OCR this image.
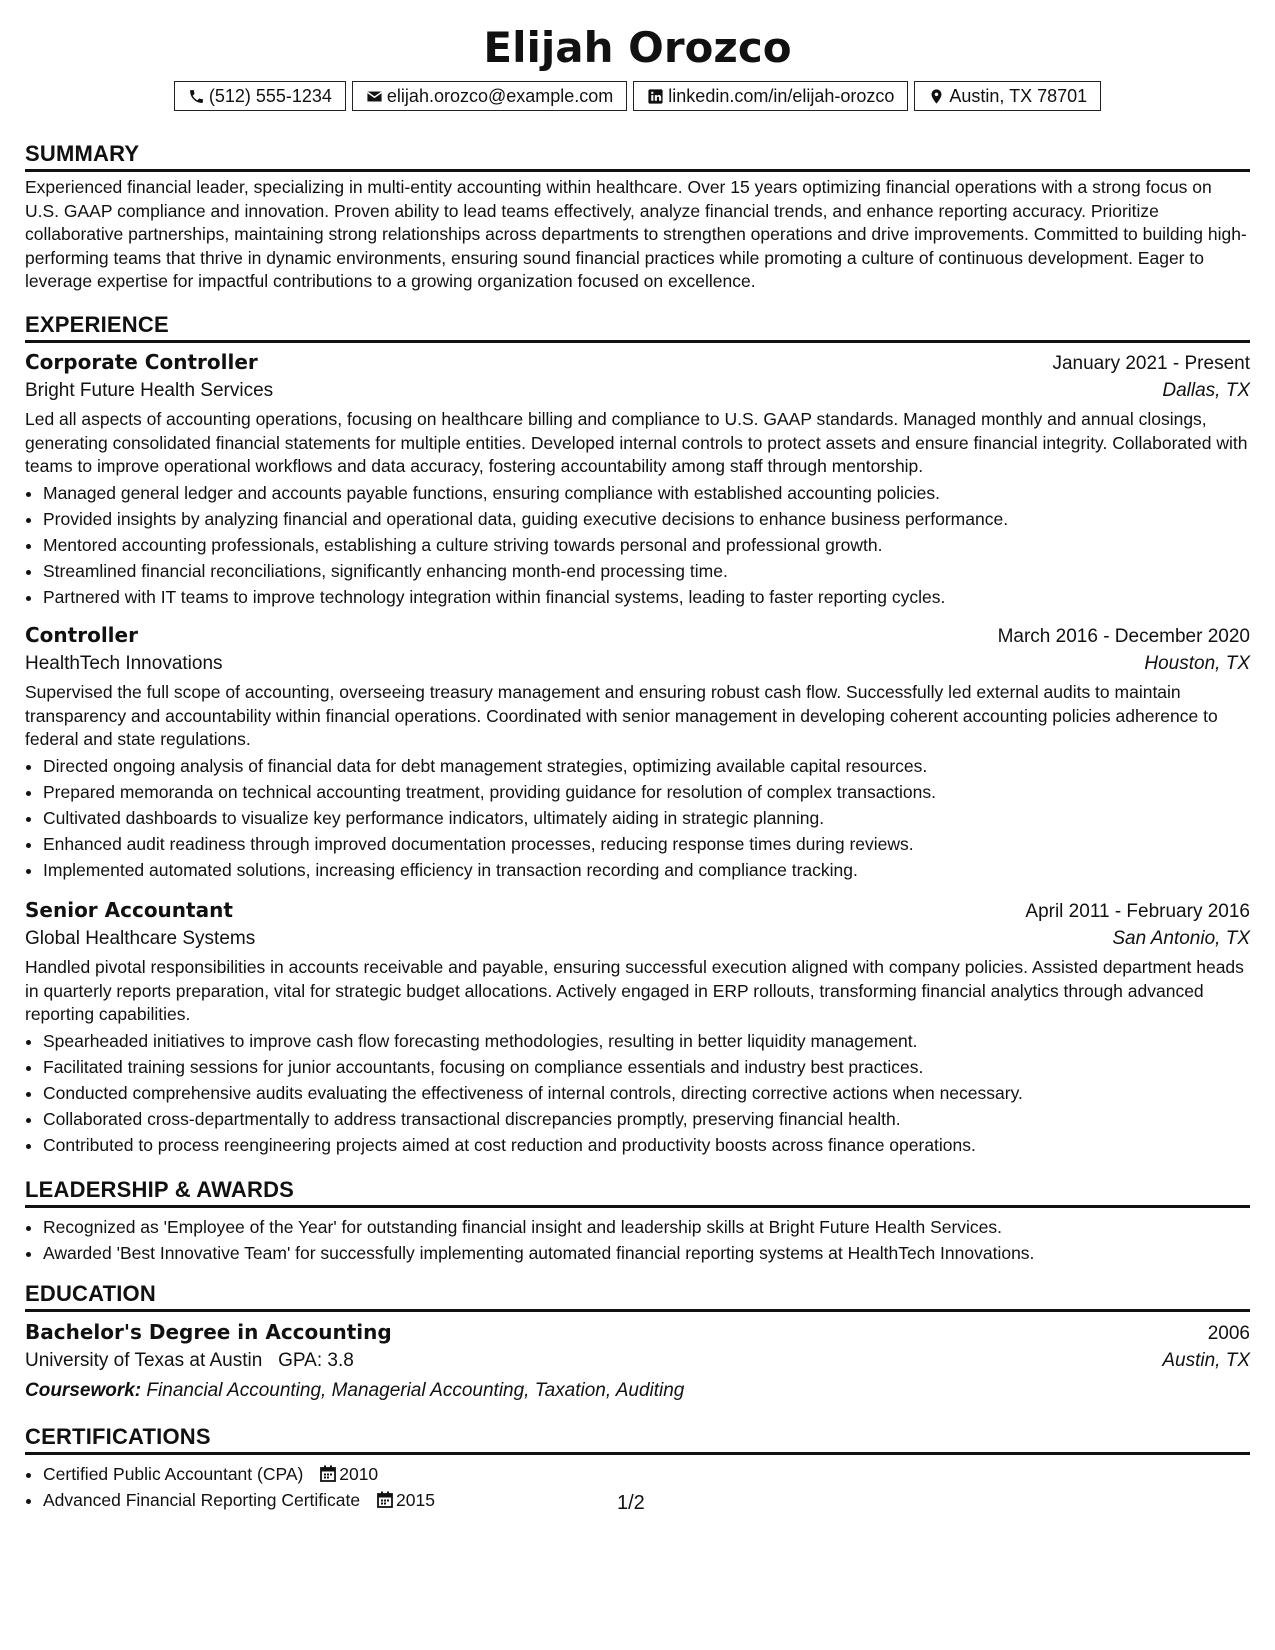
Elijah Orozco
(512) 555-1234	elijah.orozco@example.com	linkedin.com/in/elijah-orozco	Austin, TX 78701
SUMMARY
Experienced financial leader, specializing in multi-entity accounting within healthcare. Over 15 years optimizing financial operations with a strong focus on U.S. GAAP compliance and innovation. Proven ability to lead teams effectively, analyze financial trends, and enhance reporting accuracy. Prioritize collaborative partnerships, maintaining strong relationships across departments to strengthen operations and drive improvements. Committed to building high-performing teams that thrive in dynamic environments, ensuring sound financial practices while promoting a culture of continuous development. Eager to leverage expertise for impactful contributions to a growing organization focused on excellence.
EXPERIENCE
Corporate Controller	January 2021 - Present
Bright Future Health Services	Dallas, TX
Led all aspects of accounting operations, focusing on healthcare billing and compliance to U.S. GAAP standards. Managed monthly and annual closings, generating consolidated financial statements for multiple entities. Developed internal controls to protect assets and ensure financial integrity. Collaborated with teams to improve operational workflows and data accuracy, fostering accountability among staff through mentorship.
• Managed general ledger and accounts payable functions, ensuring compliance with established accounting policies.
• Provided insights by analyzing financial and operational data, guiding executive decisions to enhance business performance.
• Mentored accounting professionals, establishing a culture striving towards personal and professional growth.
• Streamlined financial reconciliations, significantly enhancing month-end processing time.
• Partnered with IT teams to improve technology integration within financial systems, leading to faster reporting cycles.
Controller	March 2016 - December 2020
HealthTech Innovations	Houston, TX
Supervised the full scope of accounting, overseeing treasury management and ensuring robust cash flow. Successfully led external audits to maintain transparency and accountability within financial operations. Coordinated with senior management in developing coherent accounting policies adherence to federal and state regulations.
• Directed ongoing analysis of financial data for debt management strategies, optimizing available capital resources.
• Prepared memoranda on technical accounting treatment, providing guidance for resolution of complex transactions.
• Cultivated dashboards to visualize key performance indicators, ultimately aiding in strategic planning.
• Enhanced audit readiness through improved documentation processes, reducing response times during reviews.
• Implemented automated solutions, increasing efficiency in transaction recording and compliance tracking.
Senior Accountant	April 2011 - February 2016
Global Healthcare Systems	San Antonio, TX
Handled pivotal responsibilities in accounts receivable and payable, ensuring successful execution aligned with company policies. Assisted department heads in quarterly reports preparation, vital for strategic budget allocations. Actively engaged in ERP rollouts, transforming financial analytics through advanced reporting capabilities.
• Spearheaded initiatives to improve cash flow forecasting methodologies, resulting in better liquidity management.
• Facilitated training sessions for junior accountants, focusing on compliance essentials and industry best practices.
• Conducted comprehensive audits evaluating the effectiveness of internal controls, directing corrective actions when necessary.
• Collaborated cross-departmentally to address transactional discrepancies promptly, preserving financial health.
• Contributed to process reengineering projects aimed at cost reduction and productivity boosts across finance operations.
LEADERSHIP & AWARDS
• Recognized as 'Employee of the Year' for outstanding financial insight and leadership skills at Bright Future Health Services.
• Awarded 'Best Innovative Team' for successfully implementing automated financial reporting systems at HealthTech Innovations.
EDUCATION
Bachelor's Degree in Accounting	2006
University of Texas at Austin GPA: 3.8	Austin, TX
Coursework: Financial Accounting, Managerial Accounting, Taxation, Auditing
CERTIFICATIONS
• Certified Public Accountant (CPA) 2010
• Advanced Financial Reporting Certificate 2015	1/2
